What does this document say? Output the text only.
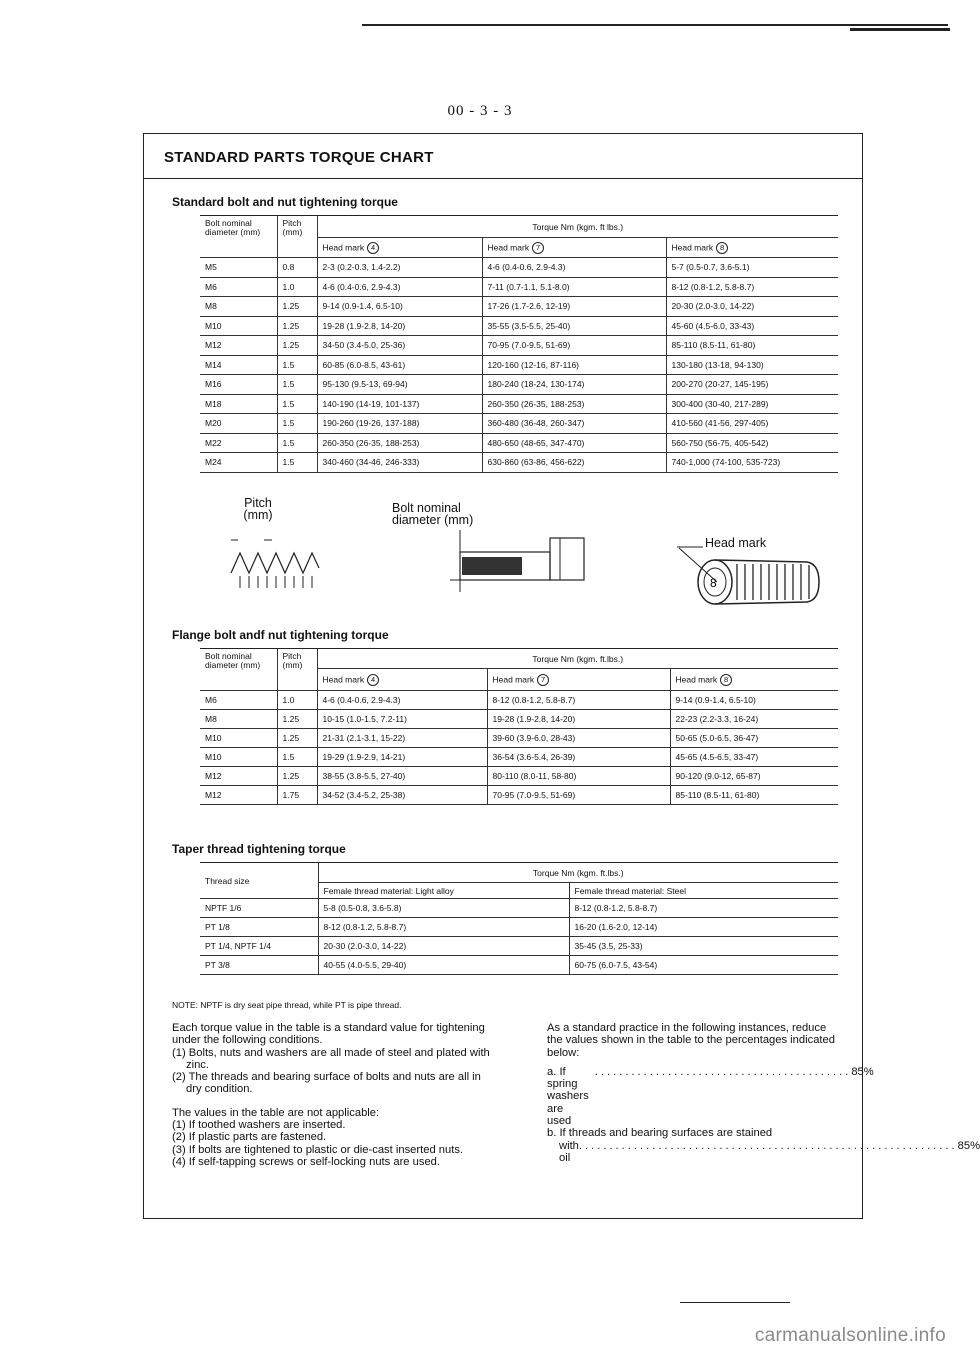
00 - 3 - 3
STANDARD PARTS TORQUE CHART
Standard bolt and nut tightening torque
Bolt nominal diameter (mm)	Pitch (mm)	Torque Nm (kgm. ft lbs.)		
		Head mark 4	Head mark 7	Head mark 8
M5	0.8	2-3 (0.2-0.3, 1.4-2.2)	4-6 (0.4-0.6, 2.9-4.3)	5-7 (0.5-0.7, 3.6-5.1)
M6	1.0	4-6 (0.4-0.6, 2.9-4.3)	7-11 (0.7-1.1, 5.1-8.0)	8-12 (0.8-1.2, 5.8-8.7)
M8	1.25	9-14 (0.9-1.4, 6.5-10)	17-26 (1.7-2.6, 12-19)	20-30 (2.0-3.0, 14-22)
M10	1.25	19-28 (1.9-2.8, 14-20)	35-55 (3.5-5.5, 25-40)	45-60 (4.5-6.0, 33-43)
M12	1.25	34-50 (3.4-5.0, 25-36)	70-95 (7.0-9.5, 51-69)	85-110 (8.5-11, 61-80)
M14	1.5	60-85 (6.0-8.5, 43-61)	120-160 (12-16, 87-116)	130-180 (13-18, 94-130)
M16	1.5	95-130 (9.5-13, 69-94)	180-240 (18-24, 130-174)	200-270 (20-27, 145-195)
M18	1.5	140-190 (14-19, 101-137)	260-350 (26-35, 188-253)	300-400 (30-40, 217-289)
M20	1.5	190-260 (19-26, 137-188)	360-480 (36-48, 260-347)	410-560 (41-56, 297-405)
M22	1.5	260-350 (26-35, 188-253)	480-650 (48-65, 347-470)	560-750 (56-75, 405-542)
M24	1.5	340-460 (34-46, 246-333)	630-860 (63-86, 456-622)	740-1,000 (74-100, 535-723)
Pitch (mm)	Bolt nominal diameter (mm)
Head mark
8
Flange bolt andf nut tightening torque
Bolt nominal diameter (mm)	Pitch (mm)	Torque Nm (kgm. ft.lbs.)		
		Head mark 4	Head mark 7	Head mark 8
M6	1.0	4-6 (0.4-0.6, 2.9-4.3)	8-12 (0.8-1.2, 5.8-8.7)	9-14 (0.9-1.4, 6.5-10)
M8	1.25	10-15 (1.0-1.5, 7.2-11)	19-28 (1.9-2.8, 14-20)	22-23 (2.2-3.3, 16-24)
M10	1.25	21-31 (2.1-3.1, 15-22)	39-60 (3.9-6.0, 28-43)	50-65 (5.0-6.5, 36-47)
M10	1.5	19-29 (1.9-2.9, 14-21)	36-54 (3.6-5.4, 26-39)	45-65 (4.5-6.5, 33-47)
M12	1.25	38-55 (3.8-5.5, 27-40)	80-110 (8.0-11, 58-80)	90-120 (9.0-12, 65-87)
M12	1.75	34-52 (3.4-5.2, 25-38)	70-95 (7.0-9.5, 51-69)	85-110 (8.5-11, 61-80)
Taper thread tightening torque
Thread size	Torque Nm (kgm. ft.lbs.)	
	Female thread material: Light alloy	Female thread material: Steel
NPTF 1/6	5-8 (0.5-0.8, 3.6-5.8)	8-12 (0.8-1.2, 5.8-8.7)
PT 1/8	8-12 (0.8-1.2, 5.8-8.7)	16-20 (1.6-2.0, 12-14)
PT 1/4, NPTF 1/4	20-30 (2.0-3.0, 14-22)	35-45 (3.5, 25-33)
PT 3/8	40-55 (4.0-5.5, 29-40)	60-75 (6.0-7.5, 43-54)
NOTE: NPTF is dry seat pipe thread, while PT is pipe thread.

Each torque value in the table is a standard value for tightening under the following conditions.

(1) Bolts, nuts and washers are all made of steel and plated with zinc.

(2) The threads and bearing surface of bolts and nuts are all in dry condition.

The values in the table are not applicable:

(1) If toothed washers are inserted.

(2) If plastic parts are fastened.

(3) If bolts are tightened to plastic or die-cast inserted nuts.

(4) If self-tapping screws or self-locking nuts are used.

As a standard practice in the following instances, reduce the values shown in the table to the percentages indicated below:

a. If spring washers are used
.......................................... 85%

b. If threads and bearing surfaces are stained

with oil
.............................................................. 85%
carmanualsonline.info
